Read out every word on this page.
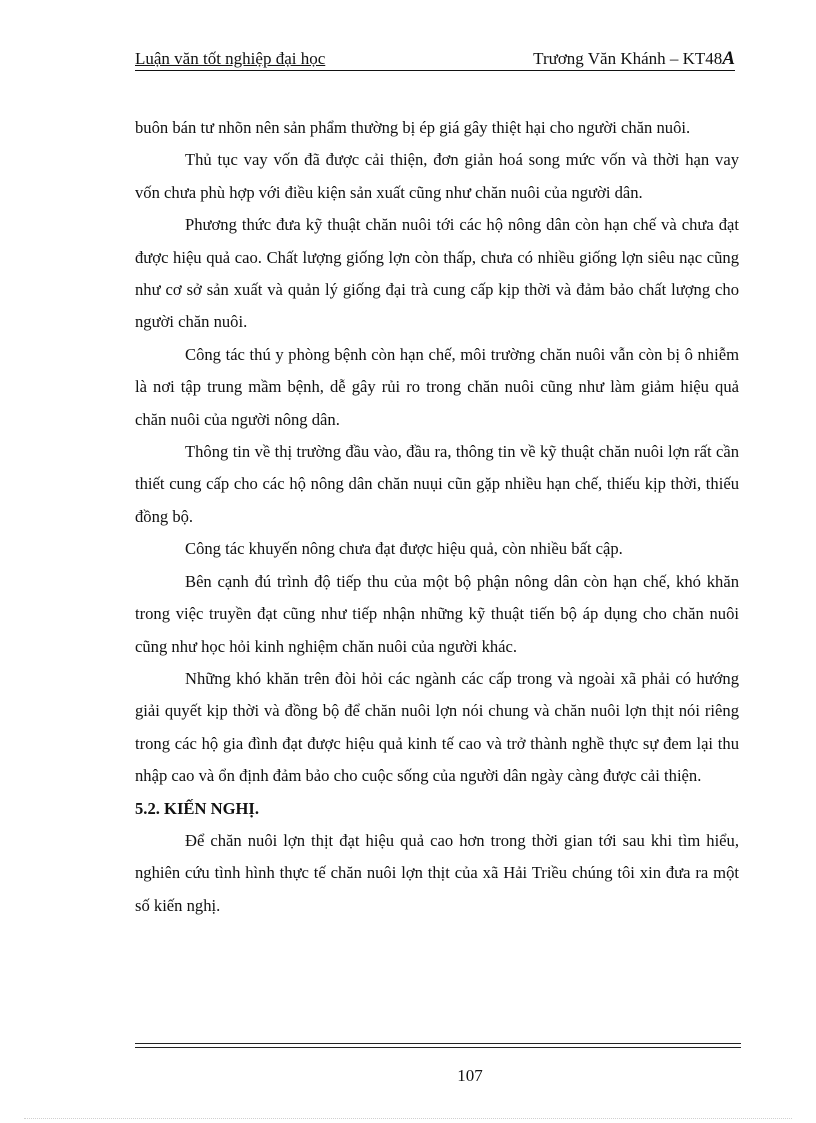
Luận văn tốt nghiệp đại học	Trương Văn Khánh – KT48A

buôn bán tư nhõn nên sản phẩm thường bị ép giá gây thiệt hại cho người chăn nuôi.

Thủ tục vay vốn đã được cải thiện, đơn giản hoá song mức vốn và thời hạn vay vốn chưa phù hợp với điều kiện sản xuất cũng như chăn nuôi của người dân.

Phương thức đưa kỹ thuật chăn nuôi tới các hộ nông dân còn hạn chế và chưa đạt được hiệu quả cao. Chất lượng giống lợn còn thấp, chưa có nhiều giống lợn siêu nạc cũng như cơ sở sản xuất và quản lý giống đại trà cung cấp kịp thời và đảm bảo chất lượng cho người chăn nuôi.

Công tác thú y phòng bệnh còn hạn chế, môi trường chăn nuôi vẫn còn bị ô nhiễm là nơi tập trung mầm bệnh, dễ gây rủi ro trong chăn nuôi cũng như làm giảm hiệu quả chăn nuôi của người nông dân.

Thông tin về thị trường đầu vào, đầu ra, thông tin về kỹ thuật chăn nuôi lợn rất cần thiết cung cấp cho các hộ nông dân chăn nuụi cũn gặp nhiều hạn chế, thiếu kịp thời, thiếu đồng bộ.

Công tác khuyến nông chưa đạt được hiệu quả, còn nhiều bất cập.

Bên cạnh đú trình độ tiếp thu của một bộ phận nông dân còn hạn chế, khó khăn trong việc truyền đạt cũng như tiếp nhận những kỹ thuật tiến bộ áp dụng cho chăn nuôi cũng như học hỏi kinh nghiệm chăn nuôi của người khác.

Những khó khăn trên đòi hỏi các ngành các cấp trong và ngoài xã phải có hướng giải quyết kịp thời và đồng bộ để chăn nuôi lợn nói chung và chăn nuôi lợn thịt nói riêng trong các hộ gia đình đạt được hiệu quả kinh tế cao và trở thành nghề thực sự đem lại thu nhập cao và ổn định đảm bảo cho cuộc sống của người dân ngày càng được cải thiện.

5.2. KIẾN NGHỊ.

Để chăn nuôi lợn thịt đạt hiệu quả cao hơn trong thời gian tới sau khi tìm hiểu, nghiên cứu tình hình thực tế chăn nuôi lợn thịt của xã Hải Triều chúng tôi xin đưa ra một số kiến nghị.

107
